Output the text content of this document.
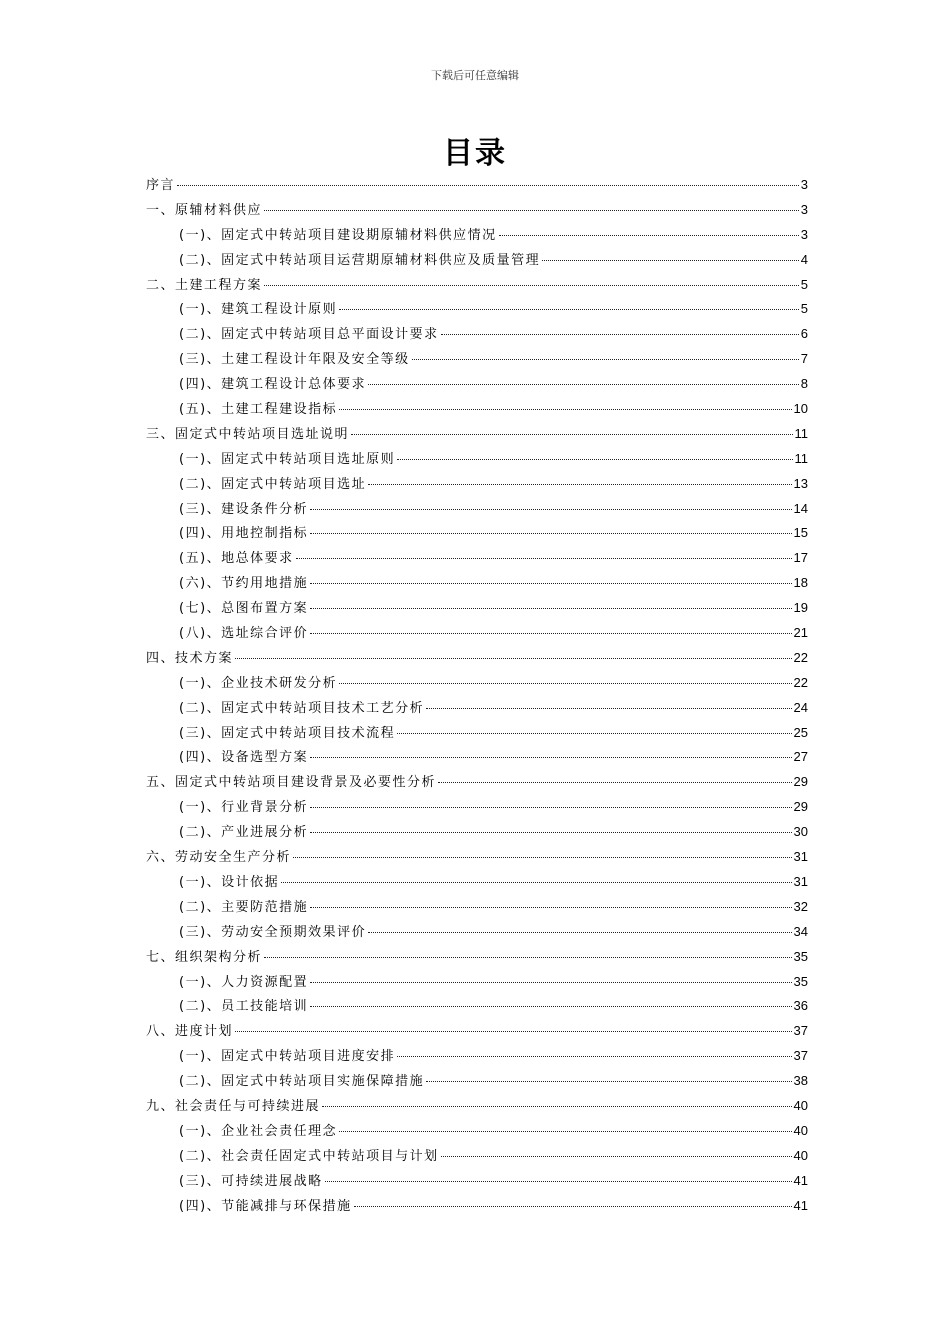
下载后可任意编辑
目录
序言	3
一、原辅材料供应	3
(一)、固定式中转站项目建设期原辅材料供应情况	3
(二)、固定式中转站项目运营期原辅材料供应及质量管理	4
二、土建工程方案	5
(一)、建筑工程设计原则	5
(二)、固定式中转站项目总平面设计要求	6
(三)、土建工程设计年限及安全等级	7
(四)、建筑工程设计总体要求	8
(五)、土建工程建设指标	10
三、固定式中转站项目选址说明	11
(一)、固定式中转站项目选址原则	11
(二)、固定式中转站项目选址	13
(三)、建设条件分析	14
(四)、用地控制指标	15
(五)、地总体要求	17
(六)、节约用地措施	18
(七)、总图布置方案	19
(八)、选址综合评价	21
四、技术方案	22
(一)、企业技术研发分析	22
(二)、固定式中转站项目技术工艺分析	24
(三)、固定式中转站项目技术流程	25
(四)、设备选型方案	27
五、固定式中转站项目建设背景及必要性分析	29
(一)、行业背景分析	29
(二)、产业进展分析	30
六、劳动安全生产分析	31
(一)、设计依据	31
(二)、主要防范措施	32
(三)、劳动安全预期效果评价	34
七、组织架构分析	35
(一)、人力资源配置	35
(二)、员工技能培训	36
八、进度计划	37
(一)、固定式中转站项目进度安排	37
(二)、固定式中转站项目实施保障措施	38
九、社会责任与可持续进展	40
(一)、企业社会责任理念	40
(二)、社会责任固定式中转站项目与计划	40
(三)、可持续进展战略	41
(四)、节能减排与环保措施	41
